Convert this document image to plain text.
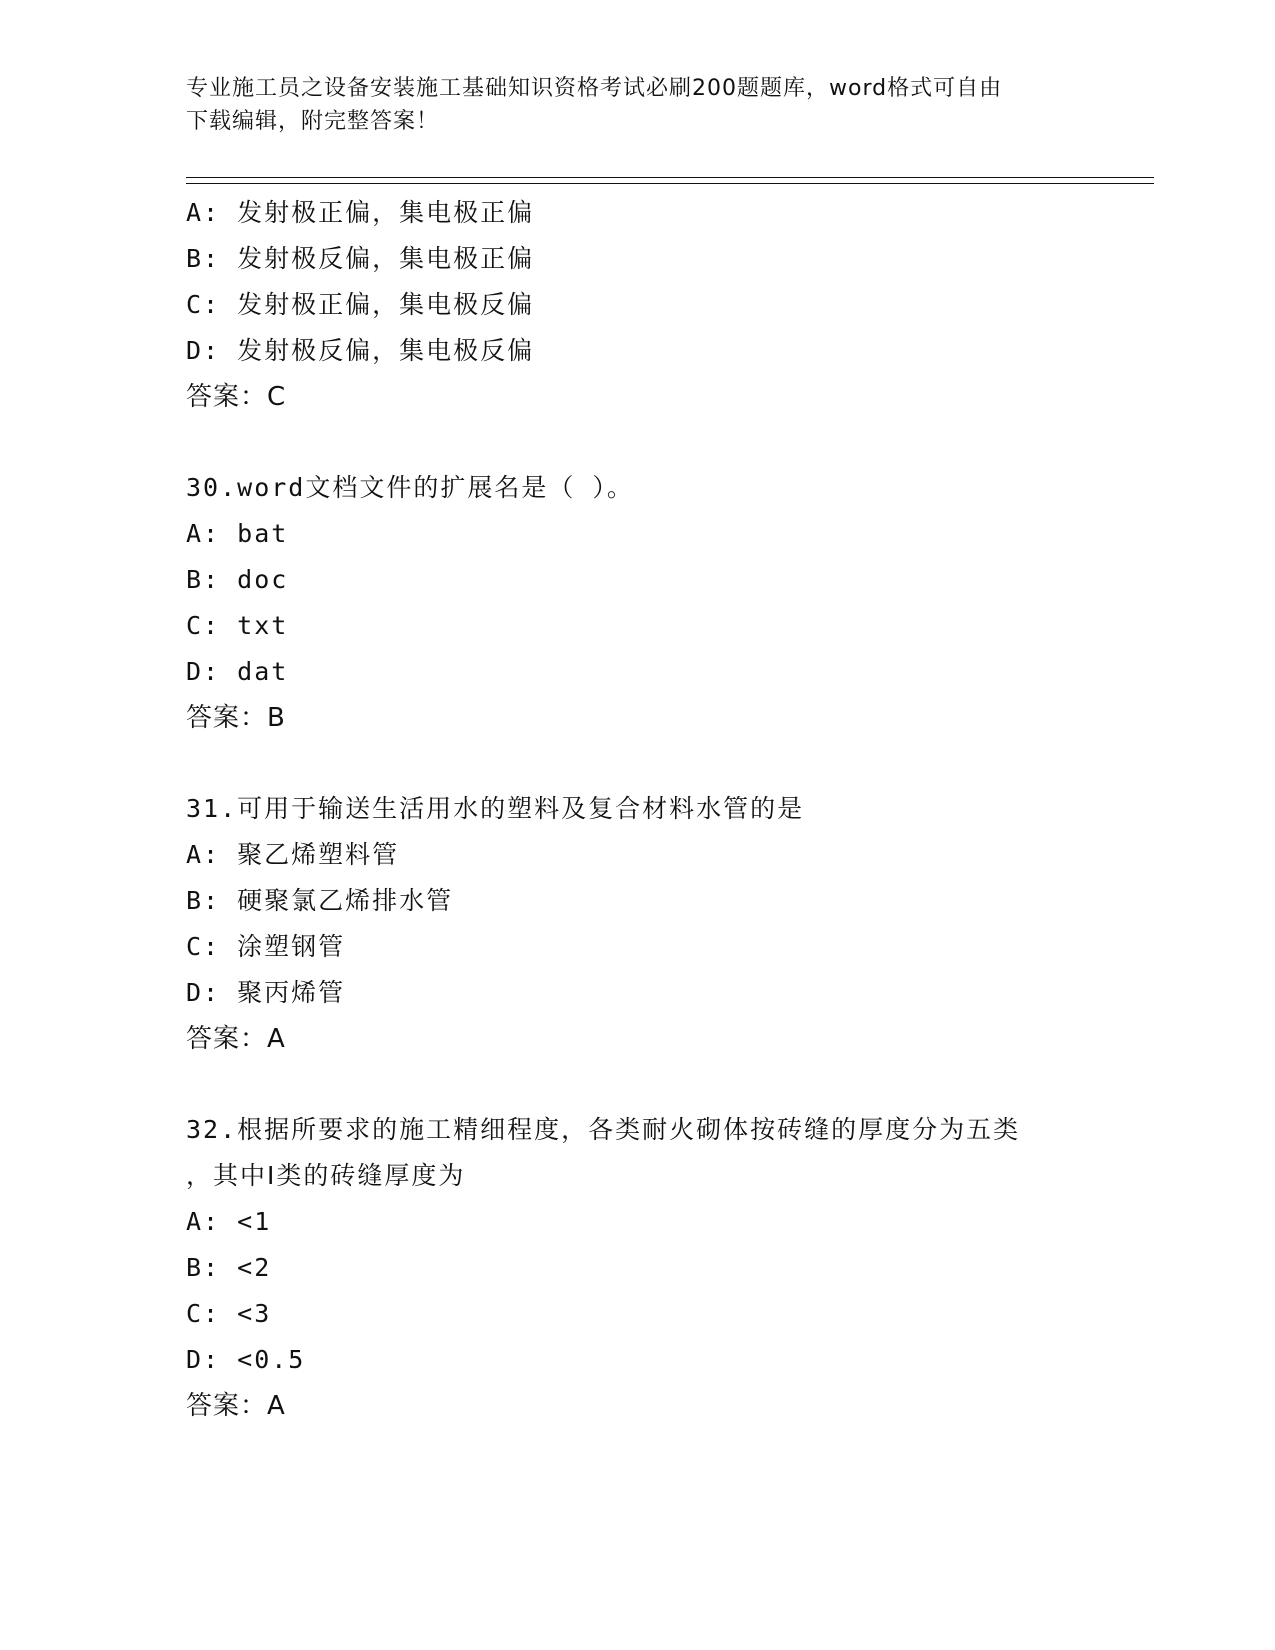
专业施工员之设备安装施工基础知识资格考试必刷200题题库，word格式可自由
下载编辑，附完整答案！
A: 发射极正偏，集电极正偏
B: 发射极反偏，集电极正偏
C: 发射极正偏，集电极反偏
D: 发射极反偏，集电极反偏
答案：C
30.word文档文件的扩展名是（ ）。
A: bat
B: doc
C: txt
D: dat
答案：B
31.可用于输送生活用水的塑料及复合材料水管的是
A: 聚乙烯塑料管
B: 硬聚氯乙烯排水管
C: 涂塑钢管
D: 聚丙烯管
答案：A
32.根据所要求的施工精细程度，各类耐火砌体按砖缝的厚度分为五类
，其中Ⅰ类的砖缝厚度为
A: <1
B: <2
C: <3
D: <0.5
答案：A
